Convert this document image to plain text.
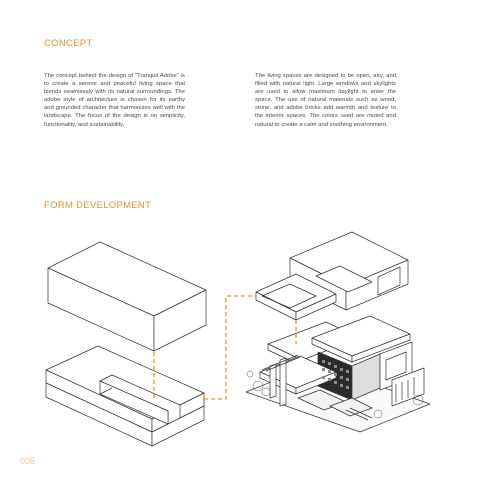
CONCEPT
The concept behind the design of “Tranquil Adobe” is to create a serene and peaceful living space that blends seamlessly with its natural surroundings. The adobe style of architecture is chosen for its earthy and grounded character that harmonizes well with the landscape. The focus of the design is on simplicity, functionality, and sustainability.
The living spaces are designed to be open, airy, and filled with natural light. Large windows and skylights are used to allow maximum daylight to enter the space. The use of natural materials such as wood, stone, and adobe bricks add warmth and texture to the interior spaces. The colors used are muted and natural to create a calm and soothing environment.
FORM DEVELOPMENT
006
